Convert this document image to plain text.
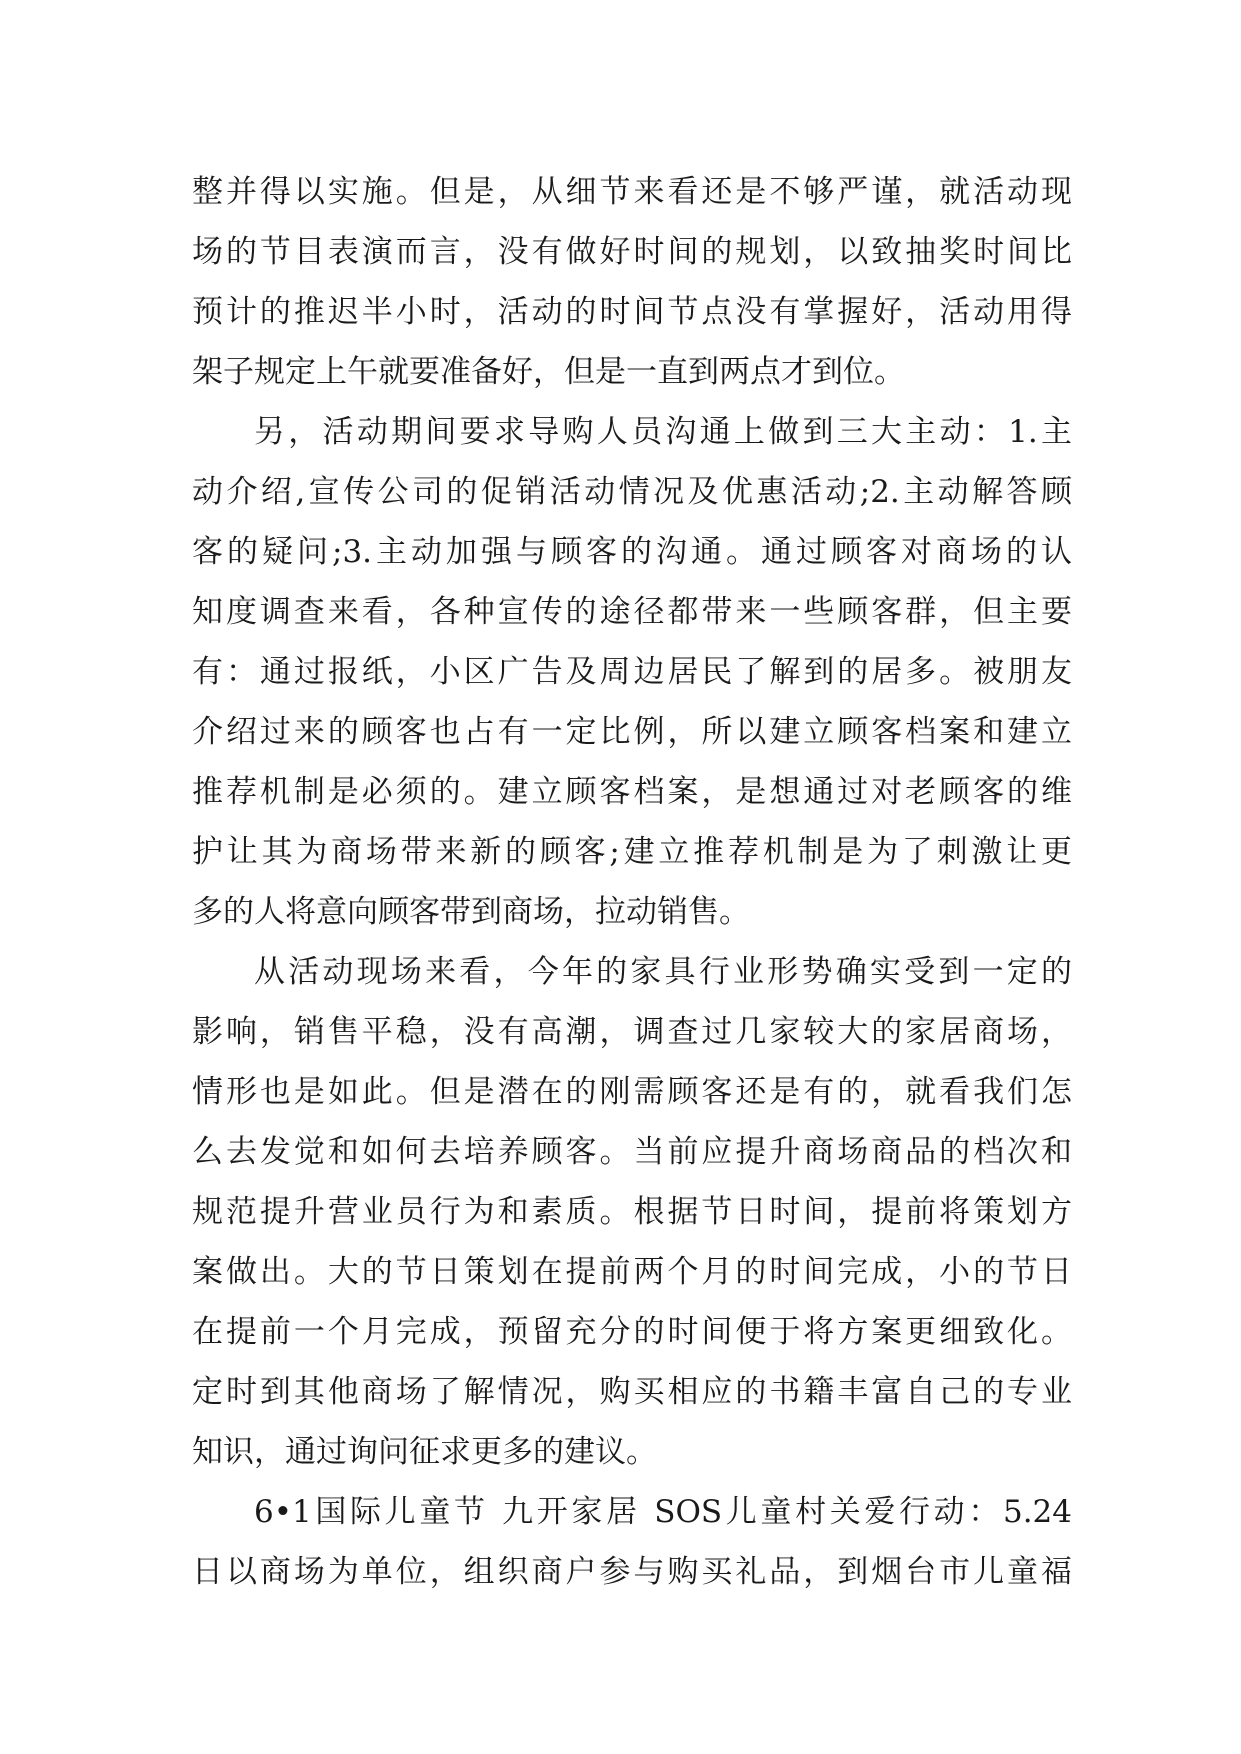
整并得以实施。但是，从细节来看还是不够严谨，就活动现
场的节目表演而言，没有做好时间的规划，以致抽奖时间比
预计的推迟半小时，活动的时间节点没有掌握好，活动用得
架子规定上午就要准备好，但是一直到两点才到位。
另，活动期间要求导购人员沟通上做到三大主动：1.主
动介绍,宣传公司的促销活动情况及优惠活动;2.主动解答顾
客的疑问;3.主动加强与顾客的沟通。通过顾客对商场的认
知度调查来看，各种宣传的途径都带来一些顾客群，但主要
有：通过报纸，小区广告及周边居民了解到的居多。被朋友
介绍过来的顾客也占有一定比例，所以建立顾客档案和建立
推荐机制是必须的。建立顾客档案，是想通过对老顾客的维
护让其为商场带来新的顾客;建立推荐机制是为了刺激让更
多的人将意向顾客带到商场，拉动销售。
从活动现场来看，今年的家具行业形势确实受到一定的
影响，销售平稳，没有高潮，调查过几家较大的家居商场，
情形也是如此。但是潜在的刚需顾客还是有的，就看我们怎
么去发觉和如何去培养顾客。当前应提升商场商品的档次和
规范提升营业员行为和素质。根据节日时间，提前将策划方
案做出。大的节日策划在提前两个月的时间完成，小的节日
在提前一个月完成，预留充分的时间便于将方案更细致化。
定时到其他商场了解情况，购买相应的书籍丰富自己的专业
知识，通过询问征求更多的建议。
6•1国际儿童节 九开家居 SOS儿童村关爱行动：5.24
日以商场为单位，组织商户参与购买礼品，到烟台市儿童福
